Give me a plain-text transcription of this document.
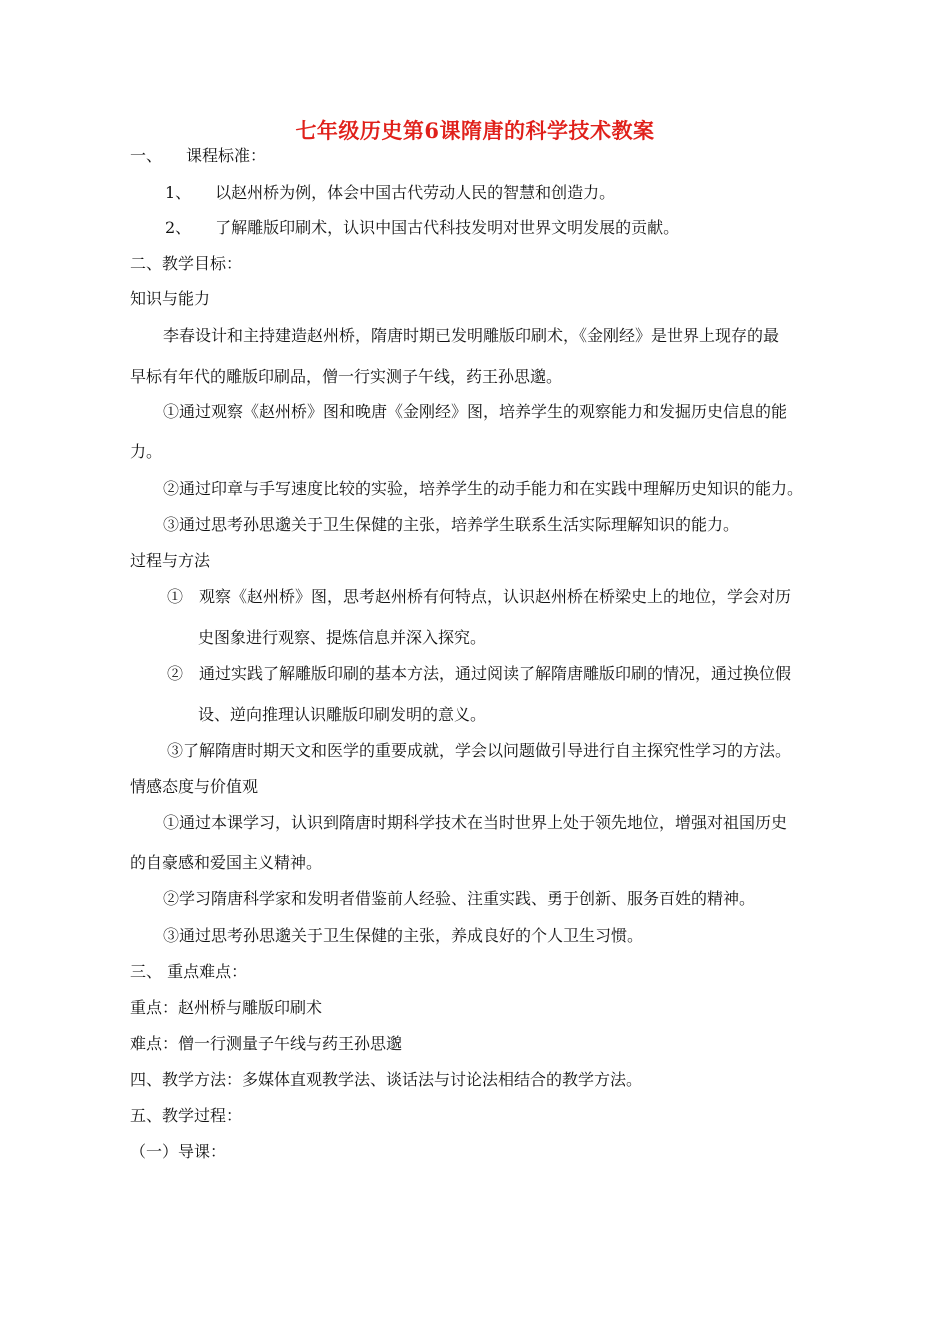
七年级历史第6课隋唐的科学技术教案
一、　　课程标准：
1、　　以赵州桥为例，体会中国古代劳动人民的智慧和创造力。
2、　　了解雕版印刷术，认识中国古代科技发明对世界文明发展的贡献。
二、教学目标：
知识与能力
李春设计和主持建造赵州桥，隋唐时期已发明雕版印刷术，《金刚经》是世界上现存的最
早标有年代的雕版印刷品，僧一行实测子午线，药王孙思邈。
①通过观察《赵州桥》图和晚唐《金刚经》图，培养学生的观察能力和发掘历史信息的能
力。
②通过印章与手写速度比较的实验，培养学生的动手能力和在实践中理解历史知识的能力。
③通过思考孙思邈关于卫生保健的主张，培养学生联系生活实际理解知识的能力。
过程与方法
①　观察《赵州桥》图，思考赵州桥有何特点，认识赵州桥在桥梁史上的地位，学会对历
史图象进行观察、提炼信息并深入探究。
②　通过实践了解雕版印刷的基本方法，通过阅读了解隋唐雕版印刷的情况，通过换位假
设、逆向推理认识雕版印刷发明的意义。
③了解隋唐时期天文和医学的重要成就，学会以问题做引导进行自主探究性学习的方法。
情感态度与价值观
①通过本课学习，认识到隋唐时期科学技术在当时世界上处于领先地位，增强对祖国历史
的自豪感和爱国主义精神。
②学习隋唐科学家和发明者借鉴前人经验、注重实践、勇于创新、服务百姓的精神。
③通过思考孙思邈关于卫生保健的主张，养成良好的个人卫生习惯。
三、 重点难点：
重点：赵州桥与雕版印刷术
难点：僧一行测量子午线与药王孙思邈
四、教学方法：多媒体直观教学法、谈话法与讨论法相结合的教学方法。
五、教学过程：
（一）导课：
